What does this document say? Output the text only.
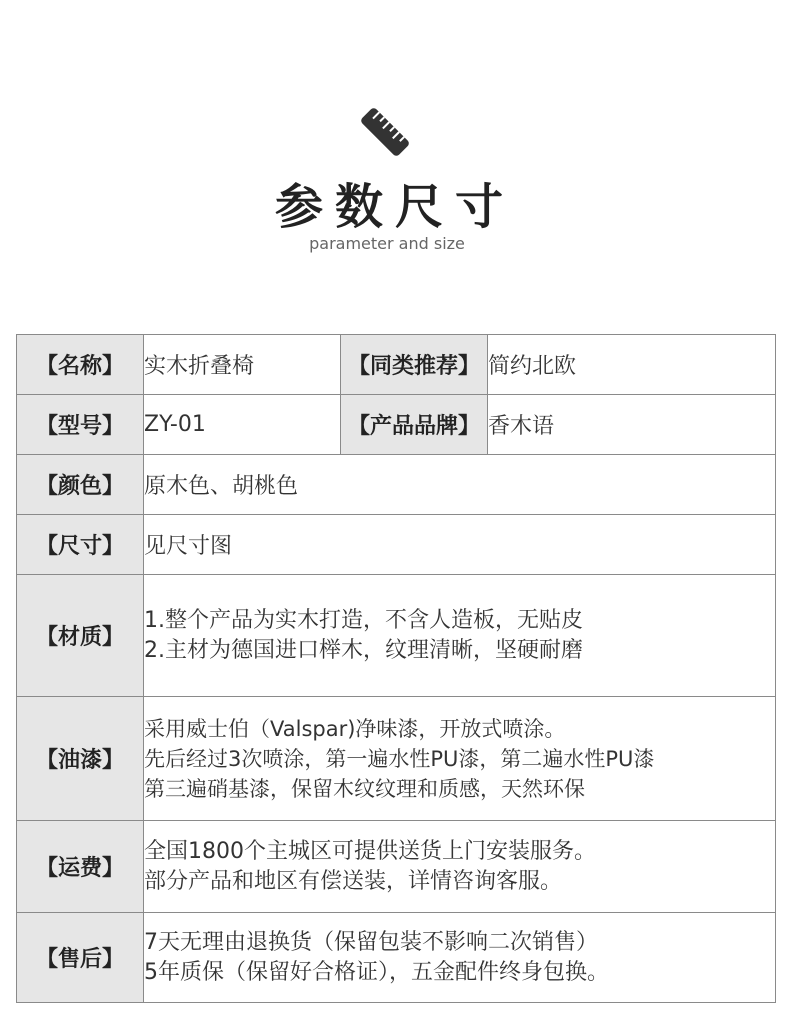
参数尺寸
parameter and size
【名称】	实木折叠椅	【同类推荐】	简约北欧
【型号】	ZY-01	【产品品牌】	香木语
【颜色】	原木色、胡桃色		
【尺寸】	见尺寸图		
【材质】	1.整个产品为实木打造，不含人造板，无贴皮
2.主材为德国进口榉木，纹理清晰，坚硬耐磨		

【油漆】	采用威士伯（Valspar)净味漆，开放式喷涂。
先后经过3次喷涂，第一遍水性PU漆，第二遍水性PU漆
第三遍硝基漆，保留木纹纹理和质感，天然环保		

【运费】	全国1800个主城区可提供送货上门安装服务。
部分产品和地区有偿送装，详情咨询客服。		

【售后】	7天无理由退换货（保留包装不影响二次销售）
5年质保（保留好合格证），五金配件终身包换。		
